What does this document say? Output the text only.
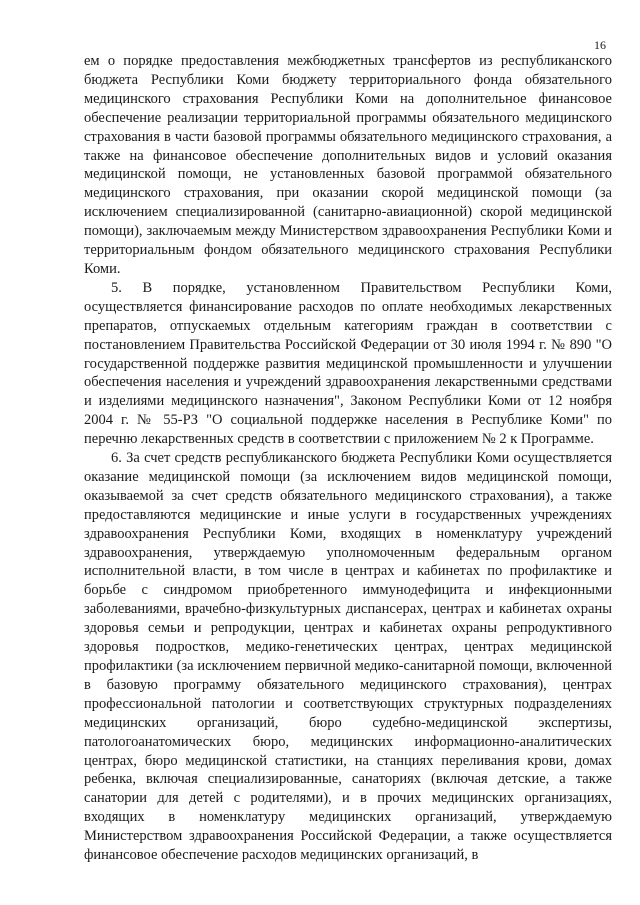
16

ем о порядке предоставления межбюджетных трансфертов из республиканского бюджета Республики Коми бюджету территориального фонда обязательного медицинского страхования Республики Коми на дополнительное финансовое обеспечение реализации территориальной программы обязательного медицинского страхования в части базовой программы обязательного медицинского страхования, а также на финансовое обеспечение дополнительных видов и условий оказания медицинской помощи, не установленных базовой программой обязательного медицинского страхования, при оказании скорой медицинской помощи (за исключением специализированной (санитарно-авиационной) скорой медицинской помощи), заключаемым между Министерством здравоохранения Республики Коми и территориальным фондом обязательного медицинского страхования Республики Коми.

5. В порядке, установленном Правительством Республики Коми, осуществляется финансирование расходов по оплате необходимых лекарственных препаратов, отпускаемых отдельным категориям граждан в соответствии с постановлением Правительства Российской Федерации от 30 июля 1994 г. № 890 "О государственной поддержке развития медицинской промышленности и улучшении обеспечения населения и учреждений здравоохранения лекарственными средствами и изделиями медицинского назначения", Законом Республики Коми от 12 ноября 2004 г. № 55-РЗ "О социальной поддержке населения в Республике Коми" по перечню лекарственных средств в соответствии с приложением № 2 к Программе.

6. За счет средств республиканского бюджета Республики Коми осуществляется оказание медицинской помощи (за исключением видов медицинской помощи, оказываемой за счет средств обязательного медицинского страхования), а также предоставляются медицинские и иные услуги в государственных учреждениях здравоохранения Республики Коми, входящих в номенклатуру учреждений здравоохранения, утверждаемую уполномоченным федеральным органом исполнительной власти, в том числе в центрах и кабинетах по профилактике и борьбе с синдромом приобретенного иммунодефицита и инфекционными заболеваниями, врачебно-физкультурных диспансерах, центрах и кабинетах охраны здоровья семьи и репродукции, центрах и кабинетах охраны репродуктивного здоровья подростков, медико-генетических центрах, центрах медицинской профилактики (за исключением первичной медико-санитарной помощи, включенной в базовую программу обязательного медицинского страхования), центрах профессиональной патологии и соответствующих структурных подразделениях медицинских организаций, бюро судебно-медицинской экспертизы, патологоанатомических бюро, медицинских информационно-аналитических центрах, бюро медицинской статистики, на станциях переливания крови, домах ребенка, включая специализированные, санаториях (включая детские, а также санатории для детей с родителями), и в прочих медицинских организациях, входящих в номенклатуру медицинских организаций, утверждаемую Министерством здравоохранения Российской Федерации, а также осуществляется финансовое обеспечение расходов медицинских организаций, в
